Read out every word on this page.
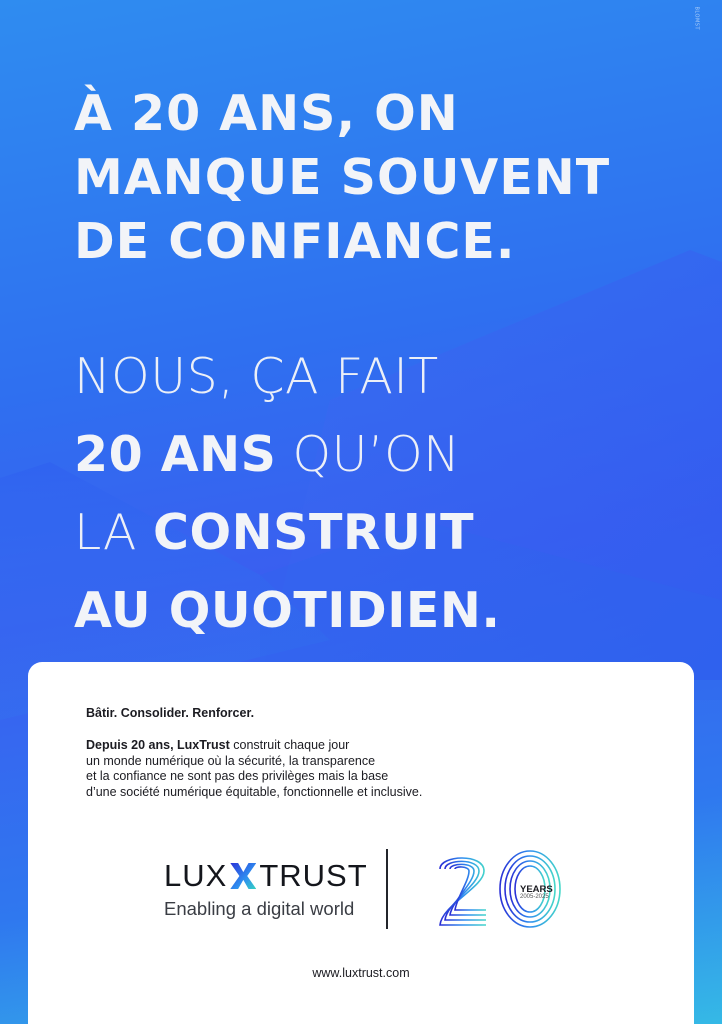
BLOMST
À 20 ANS, ON
MANQUE SOUVENT
DE CONFIANCE.
NOUS, ÇA FAIT
20 ANS QU’ON
LA CONSTRUIT
AU QUOTIDIEN.
Bâtir. Consolider. Renforcer.
Depuis 20 ans, LuxTrust construit chaque jour
un monde numérique où la sécurité, la transparence
et la confiance ne sont pas des privilèges mais la base
d’une société numérique équitable, fonctionnelle et inclusive.
LUX TRUST
Enabling a digital world
YEARS
2005-2025
www.luxtrust.com
